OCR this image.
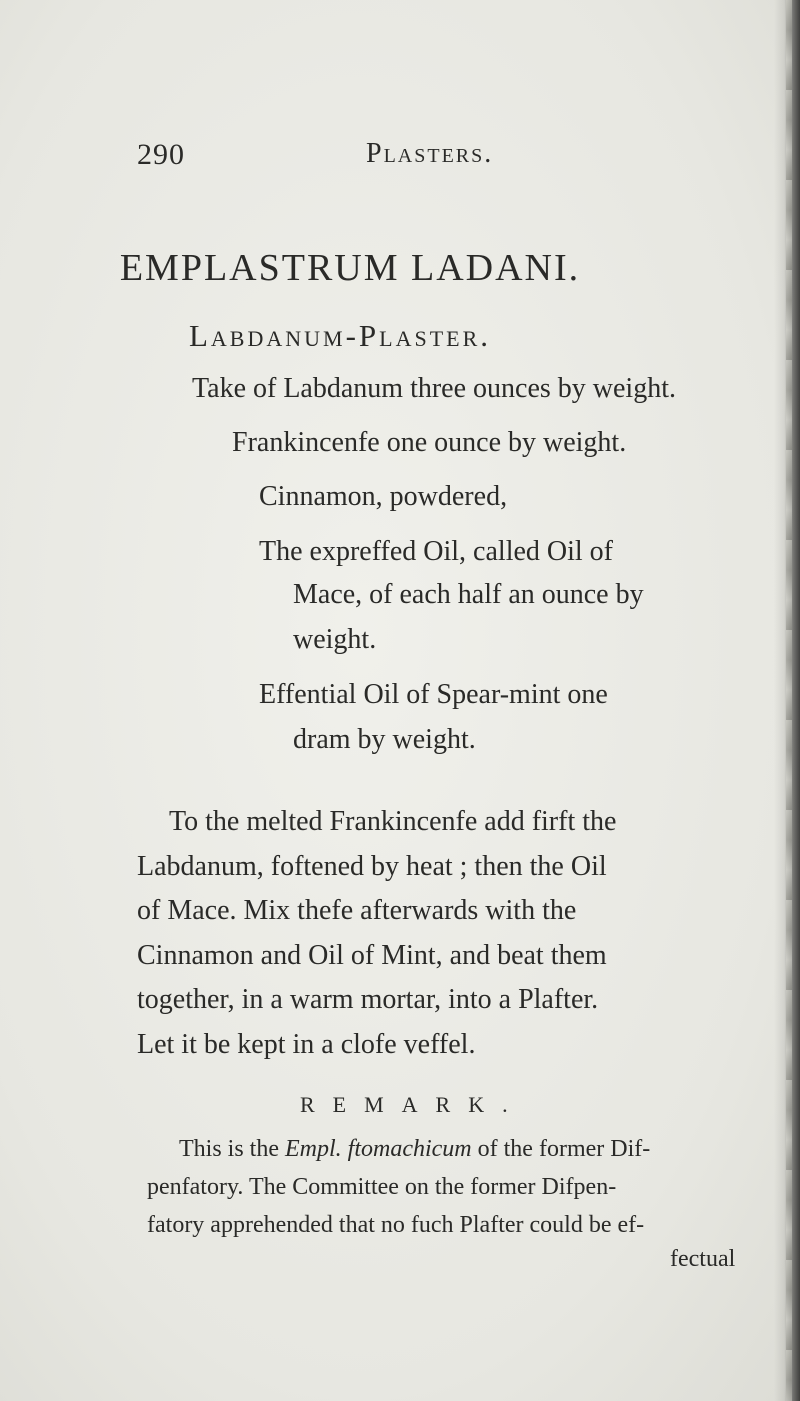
290	Plasters.
EMPLASTRUM LADANI.
Labdanum-Plaster.
Take of Labdanum three ounces by weight.
Frankincenfe one ounce by weight.
Cinnamon, powdered,
The expreffed Oil, called Oil of
Mace, of each half an ounce by
weight.
Effential Oil of Spear-mint one
dram by weight.
To the melted Frankincenfe add firft the
Labdanum, foftened by heat ; then the Oil
of Mace. Mix thefe afterwards with the
Cinnamon and Oil of Mint, and beat them
together, in a warm mortar, into a Plafter.
Let it be kept in a clofe veffel.
REMARK.
This is the Empl. ftomachicum of the former Dif-
penfatory. The Committee on the former Difpen-
fatory apprehended that no fuch Plafter could be ef-
fectual
